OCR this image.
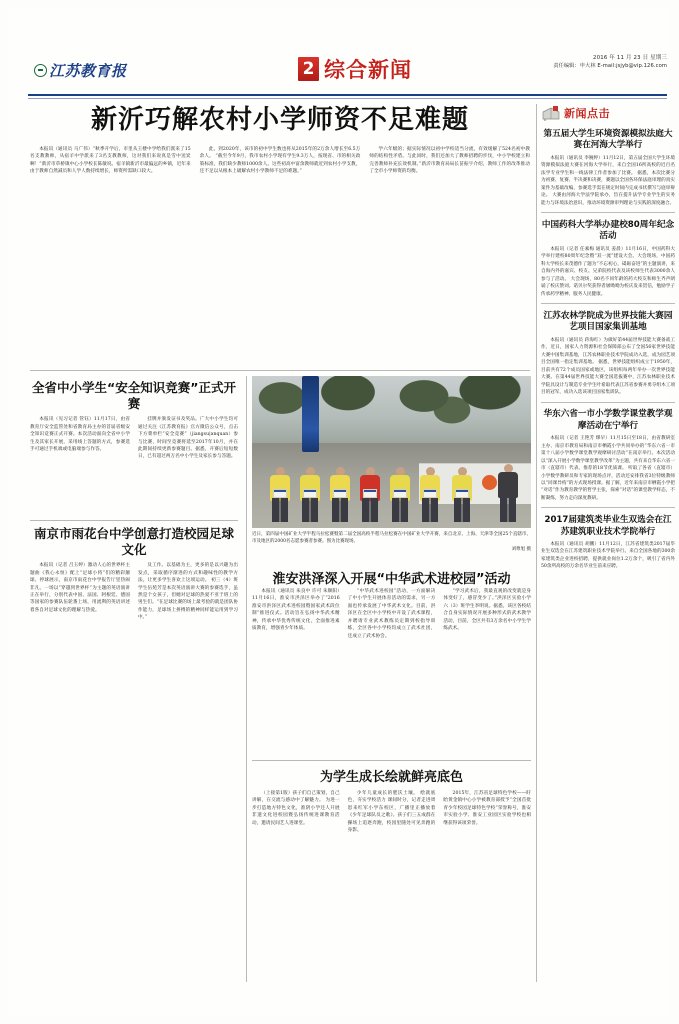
江苏教育报	2 综合新闻	2016 年 11 月 23 日 星期三
责任编辑：申大林 E-mail:jsjyb@vip.126.com
新沂巧解农村小学师资不足难题

本报讯（通讯员 马广伟）“秋季开学后，市里从王楼中学给我们派来了15名支教教师，从宿羊中学派来了3名支教教师，这对我们来说真是雪中送炭啊！”新沂市草桥镇中心小学校长陈敏说。宿羊镇新沂市最偏远的乡镇，近年来由于教师自然减员和人学人数持续增长，师资所需缺口较大。

此，到2020年，该市的初中学生数也将从2015年的2万余人增长至6.5万余人。 “截至今年9月，我市农村小学现有学生9.3万人，按现省、市的相关政策标准，我们缺少教师1000余人。这些初高中富余教师就近到农村小学支教，还不足以从根本上破解农村小学教师不足的难题。”

学六年级的；据实际情况以初中学校适当分流，有效缓解了524名初中教师的结构性矛盾。与此同时，我们还加大了教师招聘的步伐，中小学校建立和完善教师补充长效机制。”新沂市教育局局长苗振宇介绍，教师工作的改革推动了全市小学师资的均衡。

全省中小学生“安全知识竞赛”正式开赛

本报讯（见习记者 管钰）11月17日，由省教育厅安全监管处和省教育局主办的首届省级安全知识竞赛正式开赛。本次活动面向全省中小学生及其家长开展，采用线上答题的方式，参赛选手可通过手机端或电脑端参与作答。

挂牌并颁发证书及奖品。广大中小学生均可通过关注《江苏教育报》官方微信公众号，点击下方菜单栏“安全竞赛”（jiangsu|anquan）参与比赛，时间至竞赛将延至2017年10月，并在此期间持续更新参赛题目。据悉，开赛后短短数日，已有超过两万名中小学生及家长参与答题。

南京市雨花台中学创意打造校园足球文化

本报讯（记者 吕玉婷）激动人心的世界杯主题曲《我心永恒》配上“足球小将”们的精彩颠球、停球展示，南京市雨花台中学报告厅里热闹非凡。一场以“穿越到世界杯”为主题的英语演讲正在举行，分别代表中国、法国、阿根廷、德国等国家的参赛队伍轮番上场，用流利的英语讲述着各自对足球文化的理解与热爱。

及工作。以基础为主，更多的是以兴趣为出发点，采取循序渐进的方式和趣味性的教学方法，让更多学生喜欢上这项运动。 初三（4）班学生伍苑芳是本次英语演讲大赛的参赛选手，虽然是个女孩子，但她对足球的热爱不亚于班上的男生们。“在足球比赛的场上最考验的就是团队协作能力，足球场上拼搏的精神同样能运用到学习中。”

近日，第四届中国矿业大学半程马拉松赛暨第二届全国高校半程马拉松赛在中国矿业大学开赛，来自北京、上海、天津等全国25个直辖市、市及地区的2000名志愿参赛者参赛。图为比赛现场。
刘尊旭 摄
淮安洪泽深入开展“中华武术进校园”活动

本报讯（通讯员 朱良中 许可 朱顺阳）11月16日，淮安市洪泽区举办了“2016 淮安市洪泽区武术进校园暨国家武术段位制”推进仪式。活动旨在弘扬中华武术精神，传承中华优秀传统文化，全面推进素质教育，增强青少年体质。

“中华武术进校园”活动，一方面解决了中小学生开展体育活动的需求，另一方面也传承发展了中华武术文化。目前，洪泽区在全区中小学校中开设了武术课程，并聘请专业武术教练员定期到校指导训练，全区各中小学校均成立了武术社团，还成立了武术协会。

“学习武术后，我最直观的改变就是身体变好了，感冒变少了。”洪泽区实验小学六（3）班学生李明说。据悉，该区各校结合自身实际情况开展多种形式的武术教学活动，目前，全区共有3万余名中小学生学练武术。

为学生成长绘就鲜亮底色

（上接第1版）孩子们自己策划，自己讲解，在交流与感动中了解魅力。 为进一步打造地方特色文化，淮阴小学还人开展非遗文化进校园暨弘扬传统进课教育活动，邀请民间艺人进课堂。

少年儿童成长的肥沃土壤。 绘就底色，夯实学校活力 课间时分，记者走进周恩来红军小学东校区，广播里正播放着《少年足球队员之歌》。孩子们三五成群在操场上追逐奔跑，校园里随处可见奔跑的身影。

2015年，江苏省足球特色学校——盱眙黄金镇中心小学被教育部授予“全国首批青少年校园足球特色学校”荣誉称号，淮安市实验小学、淮安工业园区实验学校也相继获得该项荣誉。

新闻点击
第五届大学生环境资源模拟法庭大赛在河海大学举行

本报讯（通讯员 李婉婷）11月12日，第五届全国大学生环境资源模拟法庭大赛在河海大学举行，来自全国16所高校的近百名法学专业学生和一线法律工作者参加了比赛。 据悉，本次比赛分为初赛、复赛、半决赛和决赛，赛题以全国各环保法庭审理的真实案件为基础改编，参赛选手需在规定时间内完成书状撰写与庭审辩论。 大赛由河海大学法学院承办，旨在提升法学专业学生的实务能力与环境法治意识，推动环境资源审判理论与实践的深度融合。

中国药科大学举办建校80周年纪念活动

本报讯（记者 任素梅 通讯员 姜晨）11月16日，中国药科大学举行建校80周年纪念暨“双一流”建设大会。大会现场，中国药科大学校长来茂德作了题为“不忘初心，砥砺奋进”的主题演讲，来自海内外的嘉宾、校友、兄弟院校代表及该校师生代表3000余人参与了活动。 大会现场，80名不同年龄的药大校友和师生齐声朗诵了校庆赞词。诺贝尔奖获得者屠呦呦为校庆发来贺信，勉励学子传承药学精神、服务人民健康。

江苏农林学院成为世界技能大赛园艺项目国家集训基地

本报讯（通讯员 蒋海红）为做好第44届世界技能大赛备战工作，近日，国家人力资源和社会保障部公布了全国56家世界技能大赛中国集训基地，江苏农林职业技术学院成功入选，成为园艺项目全国唯一指定集训基地。 据悉，世界技能组织成立于1950年，目前共有72个成员国家或地区，该组织每两年举办一次世界技能大赛。在第44届世界技能大赛全国选拔赛中，江苏农林职业技术学院具设计与制造专业学生叶希取代表江苏省参赛并勇夺组木工项目的冠军，成功入选该项目国家集训队。

华东六省一市小学数学课堂教学观摩活动在宁举行

本报讯（记者 王艳芳 缪早）11月15日至18日，由省教研室主办、南京市教育局和南京市栖霞小学共同举办的“华东六省一市第十八届小学数学课堂教学观摩研讨活动”在南京举行。本次活动以“深入开展小学数学课堂教学改革”为主题，共有来自华东六省一市（直辖市）代表、推荐的18节优质课。 听取了各省（直辖市）小学数学教研员和专家的现场点评，活动还安排我省3位特级教师以“同课异构”的方式现场授课。据了解，近年来南京市栖霞小学把“对话”作为教育教学的哲学主张，探索“对话”的课堂教学样态，不断凝练，努力走向深度教研。

2017届建筑类毕业生双选会在江苏建筑职业技术学院举行

本报讯（通讯员 胡鹏）11月12日，江苏省建筑类2017届毕业生双选会在江苏建筑职业技术学院举行。来自全国各地的300余家建筑类企业进校招聘，提供就业岗位1.2万余个，吸引了省内外50余所高校的万余名毕业生前来应聘。
